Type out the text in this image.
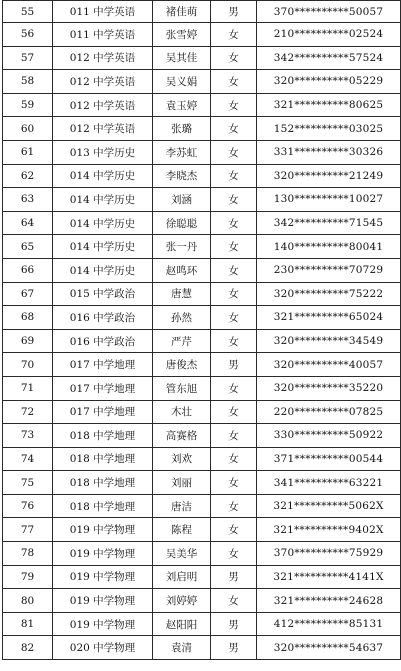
55	011 中学英语	褚佳萌	男	370**********50057
56	011 中学英语	张雪婷	女	210**********02524
57	012 中学英语	吴其佳	女	342**********57524
58	012 中学英语	吴义娟	女	320**********05229
59	012 中学英语	袁玉婷	女	321**********80625
60	012 中学英语	张璐	女	152**********03025
61	013 中学历史	李苏虹	女	331**********30326
62	014 中学历史	李晓杰	女	320**********21249
63	014 中学历史	刘涵	女	130**********10027
64	014 中学历史	徐聪聪	女	342**********71545
65	014 中学历史	张一丹	女	140**********80041
66	014 中学历史	赵鸣环	女	230**********70729
67	015 中学政治	唐慧	女	320**********75222
68	016 中学政治	孙然	女	321**********65024
69	016 中学政治	严芹	女	320**********34549
70	017 中学地理	唐俊杰	男	320**********40057
71	017 中学地理	管东旭	女	320**********35220
72	017 中学地理	木壮	女	220**********07825
73	018 中学地理	高赛格	女	330**********50922
74	018 中学地理	刘欢	女	371**********00544
75	018 中学地理	刘丽	女	341**********63221
76	018 中学地理	唐洁	女	321**********5062X
77	019 中学物理	陈程	女	321**********9402X
78	019 中学物理	吴美华	女	370**********75929
79	019 中学物理	刘启明	男	321**********4141X
80	019 中学物理	刘婷婷	女	321**********24628
81	019 中学物理	赵阳阳	男	412**********85131
82	020 中学物理	袁清	男	320**********54637
